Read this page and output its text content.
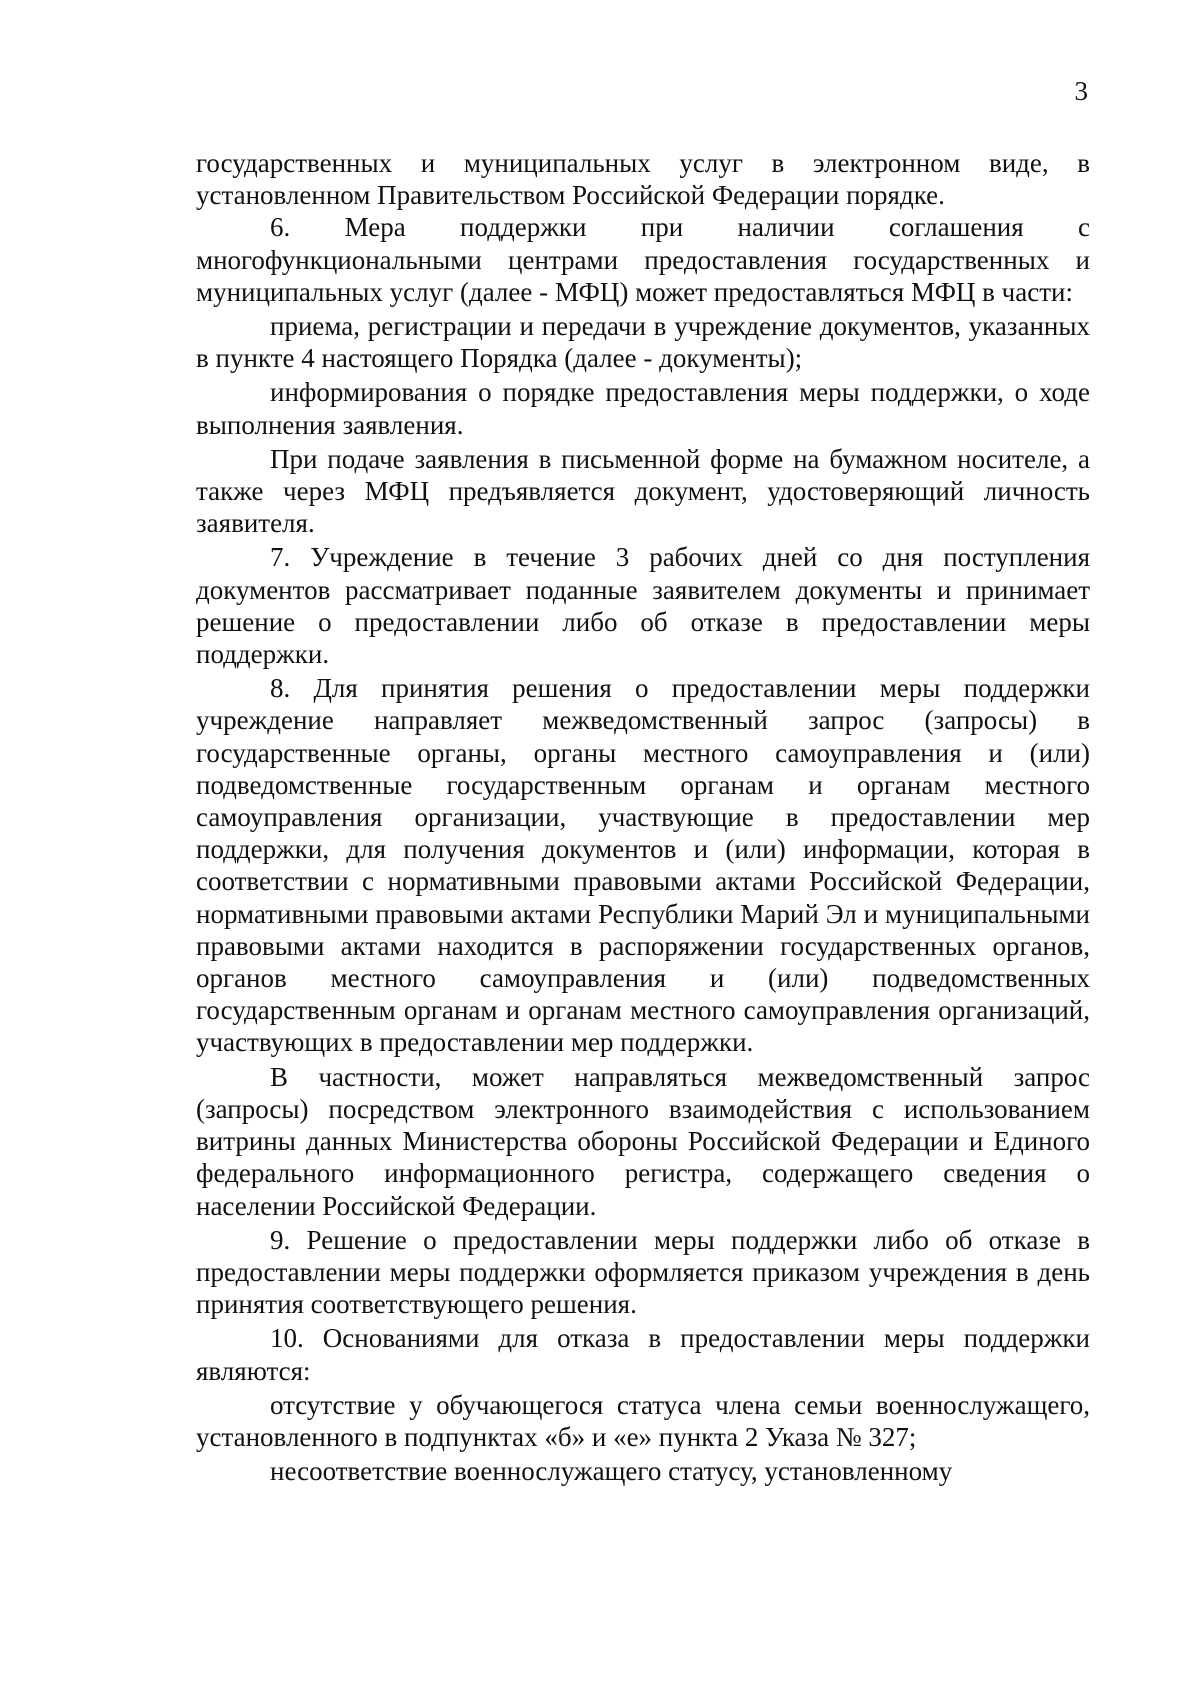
3

государственных и муниципальных услуг в электронном виде, в установленном Правительством Российской Федерации порядке.

6. Мера поддержки при наличии соглашения с многофункциональными центрами предоставления государственных и муниципальных услуг (далее - МФЦ) может предоставляться МФЦ в части:

приема, регистрации и передачи в учреждение документов, указанных в пункте 4 настоящего Порядка (далее - документы);

информирования о порядке предоставления меры поддержки, о ходе выполнения заявления.

При подаче заявления в письменной форме на бумажном носителе, а также через МФЦ предъявляется документ, удостоверяющий личность заявителя.

7. Учреждение в течение 3 рабочих дней со дня поступления документов рассматривает поданные заявителем документы и принимает решение о предоставлении либо об отказе в предоставлении меры поддержки.

8. Для принятия решения о предоставлении меры поддержки учреждение направляет межведомственный запрос (запросы) в государственные органы, органы местного самоуправления и (или) подведомственные государственным органам и органам местного самоуправления организации, участвующие в предоставлении мер поддержки, для получения документов и (или) информации, которая в соответствии с нормативными правовыми актами Российской Федерации, нормативными правовыми актами Республики Марий Эл и муниципальными правовыми актами находится в распоряжении государственных органов, органов местного самоуправления и (или) подведомственных государственным органам и органам местного самоуправления организаций, участвующих в предоставлении мер поддержки.

В частности, может направляться межведомственный запрос (запросы) посредством электронного взаимодействия с использованием витрины данных Министерства обороны Российской Федерации и Единого федерального информационного регистра, содержащего сведения о населении Российской Федерации.

9. Решение о предоставлении меры поддержки либо об отказе в предоставлении меры поддержки оформляется приказом учреждения в день принятия соответствующего решения.

10. Основаниями для отказа в предоставлении меры поддержки являются:

отсутствие у обучающегося статуса члена семьи военнослужащего, установленного в подпунктах «б» и «е» пункта 2 Указа № 327;

несоответствие военнослужащего статусу, установленному
